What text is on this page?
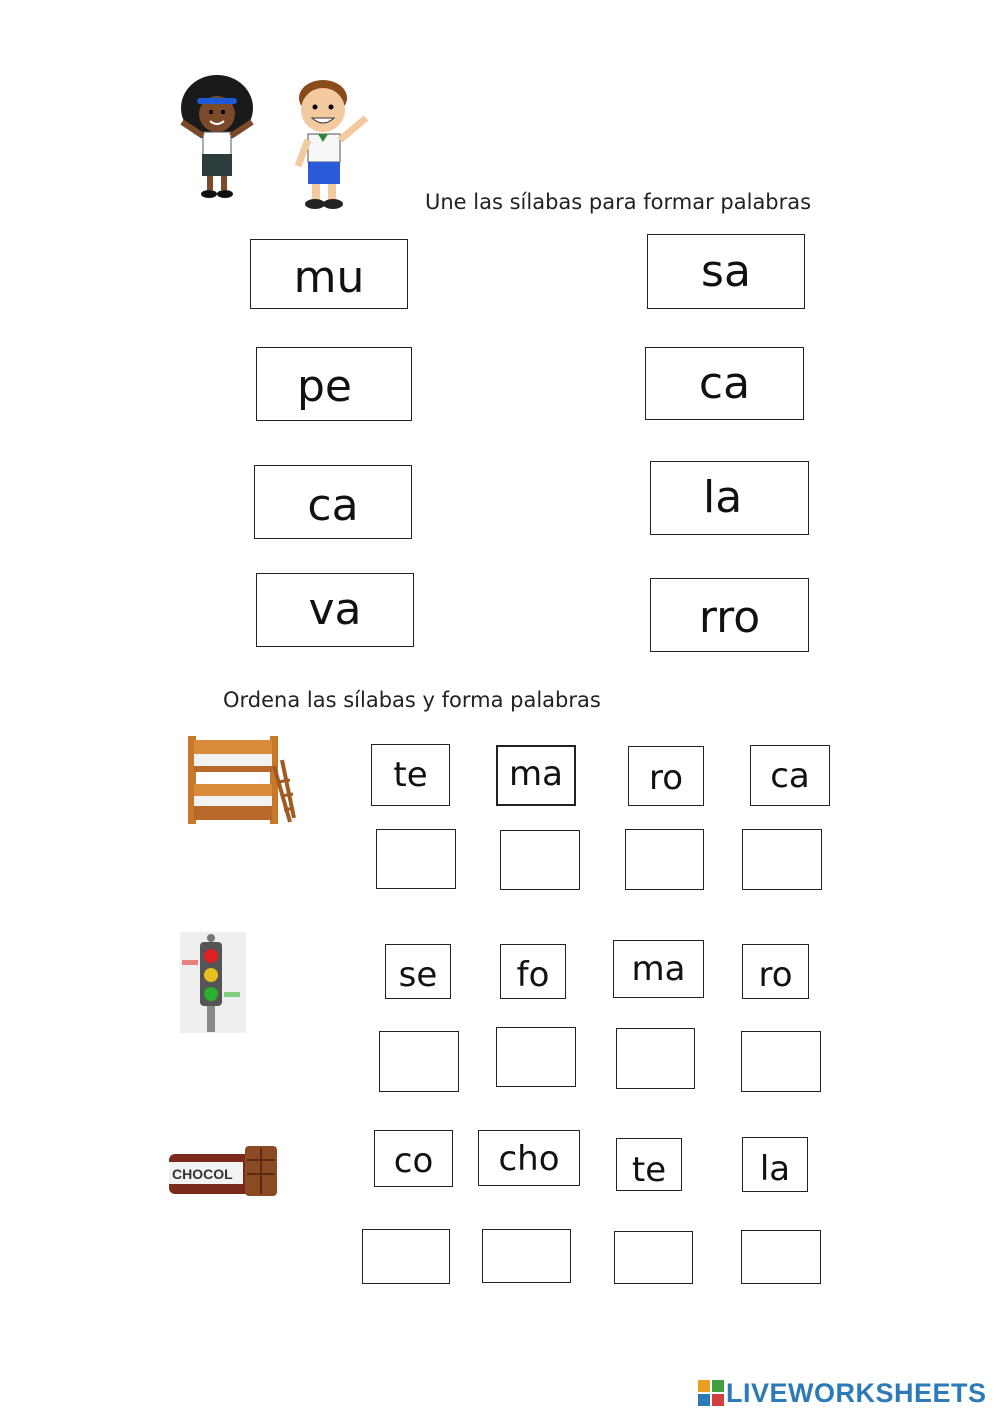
Une las sílabas para formar palabras
mu
pe
ca
va
sa
ca
la
rro
Ordena las sílabas y forma palabras
te	ma	ro	ca
se	fo	ma	ro
CHOCOL	co	cho	te	la
LIVEWORKSHEETS
